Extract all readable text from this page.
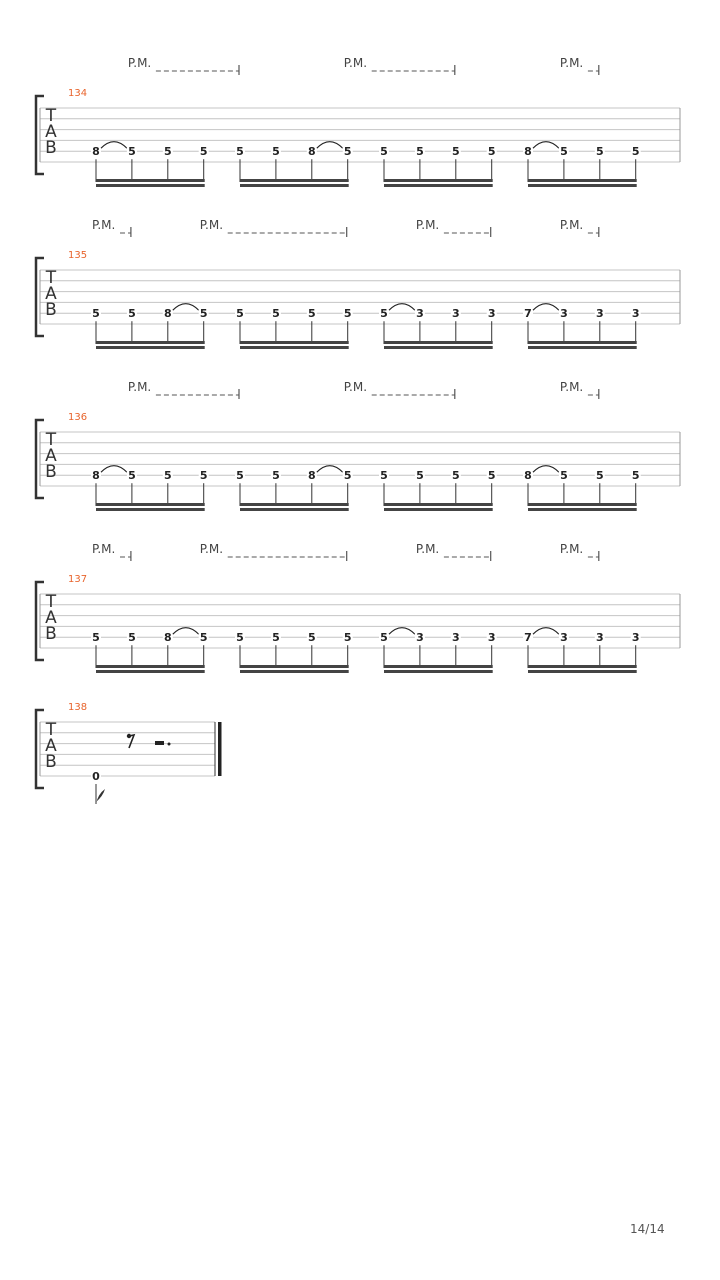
P.M.	P.M.	P.M.
T
A
B
134
8	5	5	5	5	5	8	5	5	5	5	5	8	5	5	5
P.M.	P.M.	P.M.	P.M.
T
A
B
135
5	5	8	5	5	5	5	5	5	3	3	3	7	3	3	3
P.M.	P.M.	P.M.
T
A
B
136
8	5	5	5	5	5	8	5	5	5	5	5	8	5	5	5
P.M.	P.M.	P.M.	P.M.
T
A
B
137
5	5	8	5	5	5	5	5	5	3	3	3	7	3	3	3
T
A
B
138
0
14/14
